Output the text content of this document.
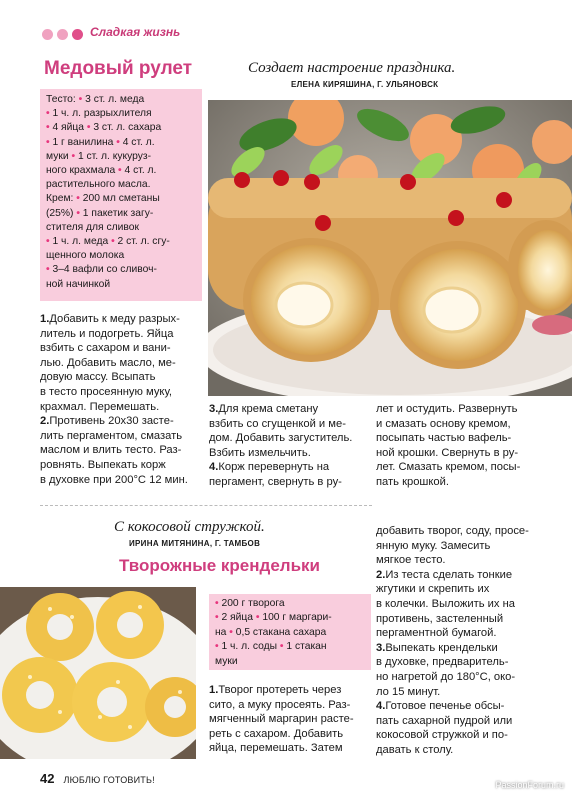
Сладкая жизнь
Медовый рулет	Создает настроение праздника.
ЕЛЕНА КИРЯШИНА, Г. УЛЬЯНОВСК
Тесто: • 3 ст. л. меда
• 1 ч. л. разрыхлителя
• 4 яйца • 3 ст. л. сахара
• 1 г ванилина • 4 ст. л.
муки • 1 ст. л. кукуруз-
ного крахмала • 4 ст. л.
растительного масла.
Крем: • 200 мл сметаны
(25%) • 1 пакетик загу-
стителя для сливок
• 1 ч. л. меда • 2 ст. л. сгу-
щенного молока
• 3–4 вафли со сливоч-
ной начинкой
1.Добавить к меду разрых-
литель и подогреть. Яйца
взбить с сахаром и вани-
лью. Добавить масло, ме-
довую массу. Всыпать
в тесто просеянную муку,
крахмал. Перемешать.
2.Противень 20х30 застe-
лить пергаментом, смазать
маслом и влить тесто. Раз-
ровнять. Выпекать корж
в духовке при 200°С 12 мин.
3.Для крема сметану
взбить со сгущенкой и ме-
дом. Добавить загуститель.
Взбить измельчить.
4.Корж перевернуть на
пергамент, свернуть в ру-
лет и остудить. Развернуть
и смазать основу кремом,
посыпать частью вафель-
ной крошки. Свернуть в ру-
лет. Смазать кремом, посы-
пать крошкой.
С кокосовой стружкой.
ИРИНА МИТЯНИНА, Г. ТАМБОВ
Творожные крендельки
добавить творог, соду, просе-
янную муку. Замесить
мягкое тесто.
2.Из теста сделать тонкие
жгутики и скрепить их
в колечки. Выложить их на
противень, застеленный
пергаментной бумагой.
3.Выпекать крендельки
в духовке, предваритель-
но нагретой до 180°С, око-
ло 15 минут.
4.Готовое печенье обсы-
пать сахарной пудрой или
кокосовой стружкой и по-
давать к столу.
• 200 г творога
• 2 яйца • 100 г маргари-
на • 0,5 стакана сахара
• 1 ч. л. соды • 1 стакан
муки
1.Творог протереть через
сито, а муку просеять. Раз-
мягченный маргарин расте-
реть с сахаром. Добавить
яйца, перемешать. Затем
42 ЛЮБЛЮ ГОТОВИТЬ!	PassionForum.ru
